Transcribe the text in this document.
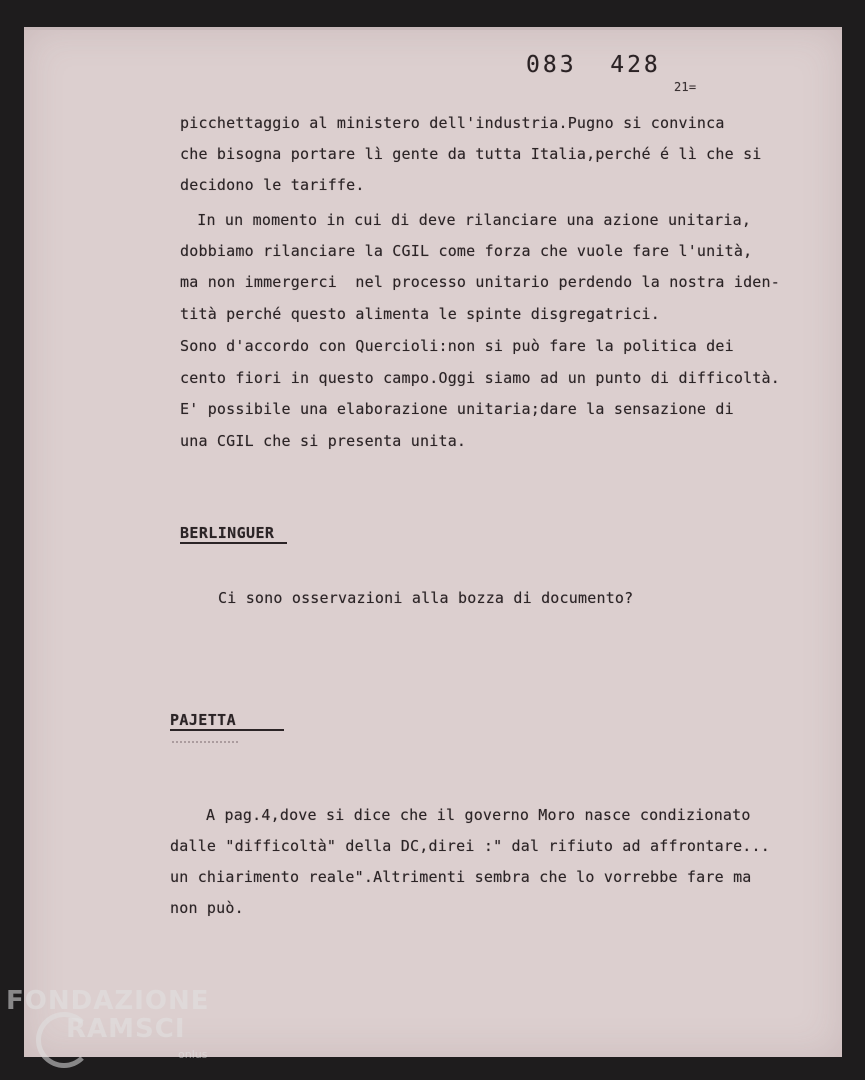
083  428
21=
picchettaggio al ministero dell'industria.Pugno si convinca
che bisogna portare lì gente da tutta Italia,perché é lì che si
decidono le tariffe.
In un momento in cui di deve rilanciare una azione unitaria,
dobbiamo rilanciare la CGIL come forza che vuole fare l'unità,
ma non immergerci  nel processo unitario perdendo la nostra iden-
tità perché questo alimenta le spinte disgregatrici.
Sono d'accordo con Quercioli:non si può fare la politica dei
cento fiori in questo campo.Oggi siamo ad un punto di difficoltà.
E' possibile una elaborazione unitaria;dare la sensazione di
una CGIL che si presenta unita.
BERLINGUER
Ci sono osservazioni alla bozza di documento?
PAJETTA
A pag.4,dove si dice che il governo Moro nasce condizionato
dalle "difficoltà" della DC,direi :" dal rifiuto ad affrontare...
un chiarimento reale".Altrimenti sembra che lo vorrebbe fare ma
non può.
FONDAZIONE
RAMSCI
onlus
